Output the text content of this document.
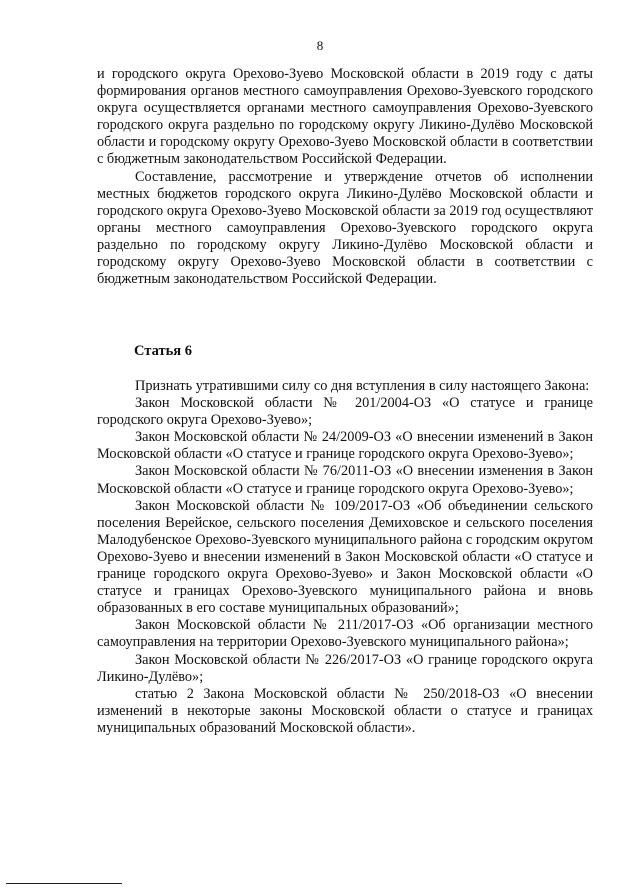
8

и городского округа Орехово-Зуево Московской области в 2019 году с даты формирования органов местного самоуправления Орехово-Зуевского городского округа осуществляется органами местного самоуправления Орехово-Зуевского городского округа раздельно по городскому округу Ликино-Дулёво Московской области и городскому округу Орехово-Зуево Московской области в соответствии с бюджетным законодательством Российской Федерации.

Составление, рассмотрение и утверждение отчетов об исполнении местных бюджетов городского округа Ликино-Дулёво Московской области и городского округа Орехово-Зуево Московской области за 2019 год осуществляют органы местного самоуправления Орехово-Зуевского городского округа раздельно по городскому округу Ликино-Дулёво Московской области и городскому округу Орехово-Зуево Московской области в соответствии с бюджетным законодательством Российской Федерации.

Статья 6

Признать утратившими силу со дня вступления в силу настоящего Закона:

Закон Московской области № 201/2004-ОЗ «О статусе и границе городского округа Орехово-Зуево»;

Закон Московской области № 24/2009-ОЗ «О внесении изменений в Закон Московской области «О статусе и границе городского округа Орехово-Зуево»;

Закон Московской области № 76/2011-ОЗ «О внесении изменения в Закон Московской области «О статусе и границе городского округа Орехово-Зуево»;

Закон Московской области № 109/2017-ОЗ «Об объединении сельского поселения Верейское, сельского поселения Демиховское и сельского поселения Малодубенское Орехово-Зуевского муниципального района с городским округом Орехово-Зуево и внесении изменений в Закон Московской области «О статусе и границе городского округа Орехово-Зуево» и Закон Московской области «О статусе и границах Орехово-Зуевского муниципального района и вновь образованных в его составе муниципальных образований»;

Закон Московской области № 211/2017-ОЗ «Об организации местного самоуправления на территории Орехово-Зуевского муниципального района»;

Закон Московской области № 226/2017-ОЗ «О границе городского округа Ликино-Дулёво»;

статью 2 Закона Московской области № 250/2018-ОЗ «О внесении изменений в некоторые законы Московской области о статусе и границах муниципальных образований Московской области».
